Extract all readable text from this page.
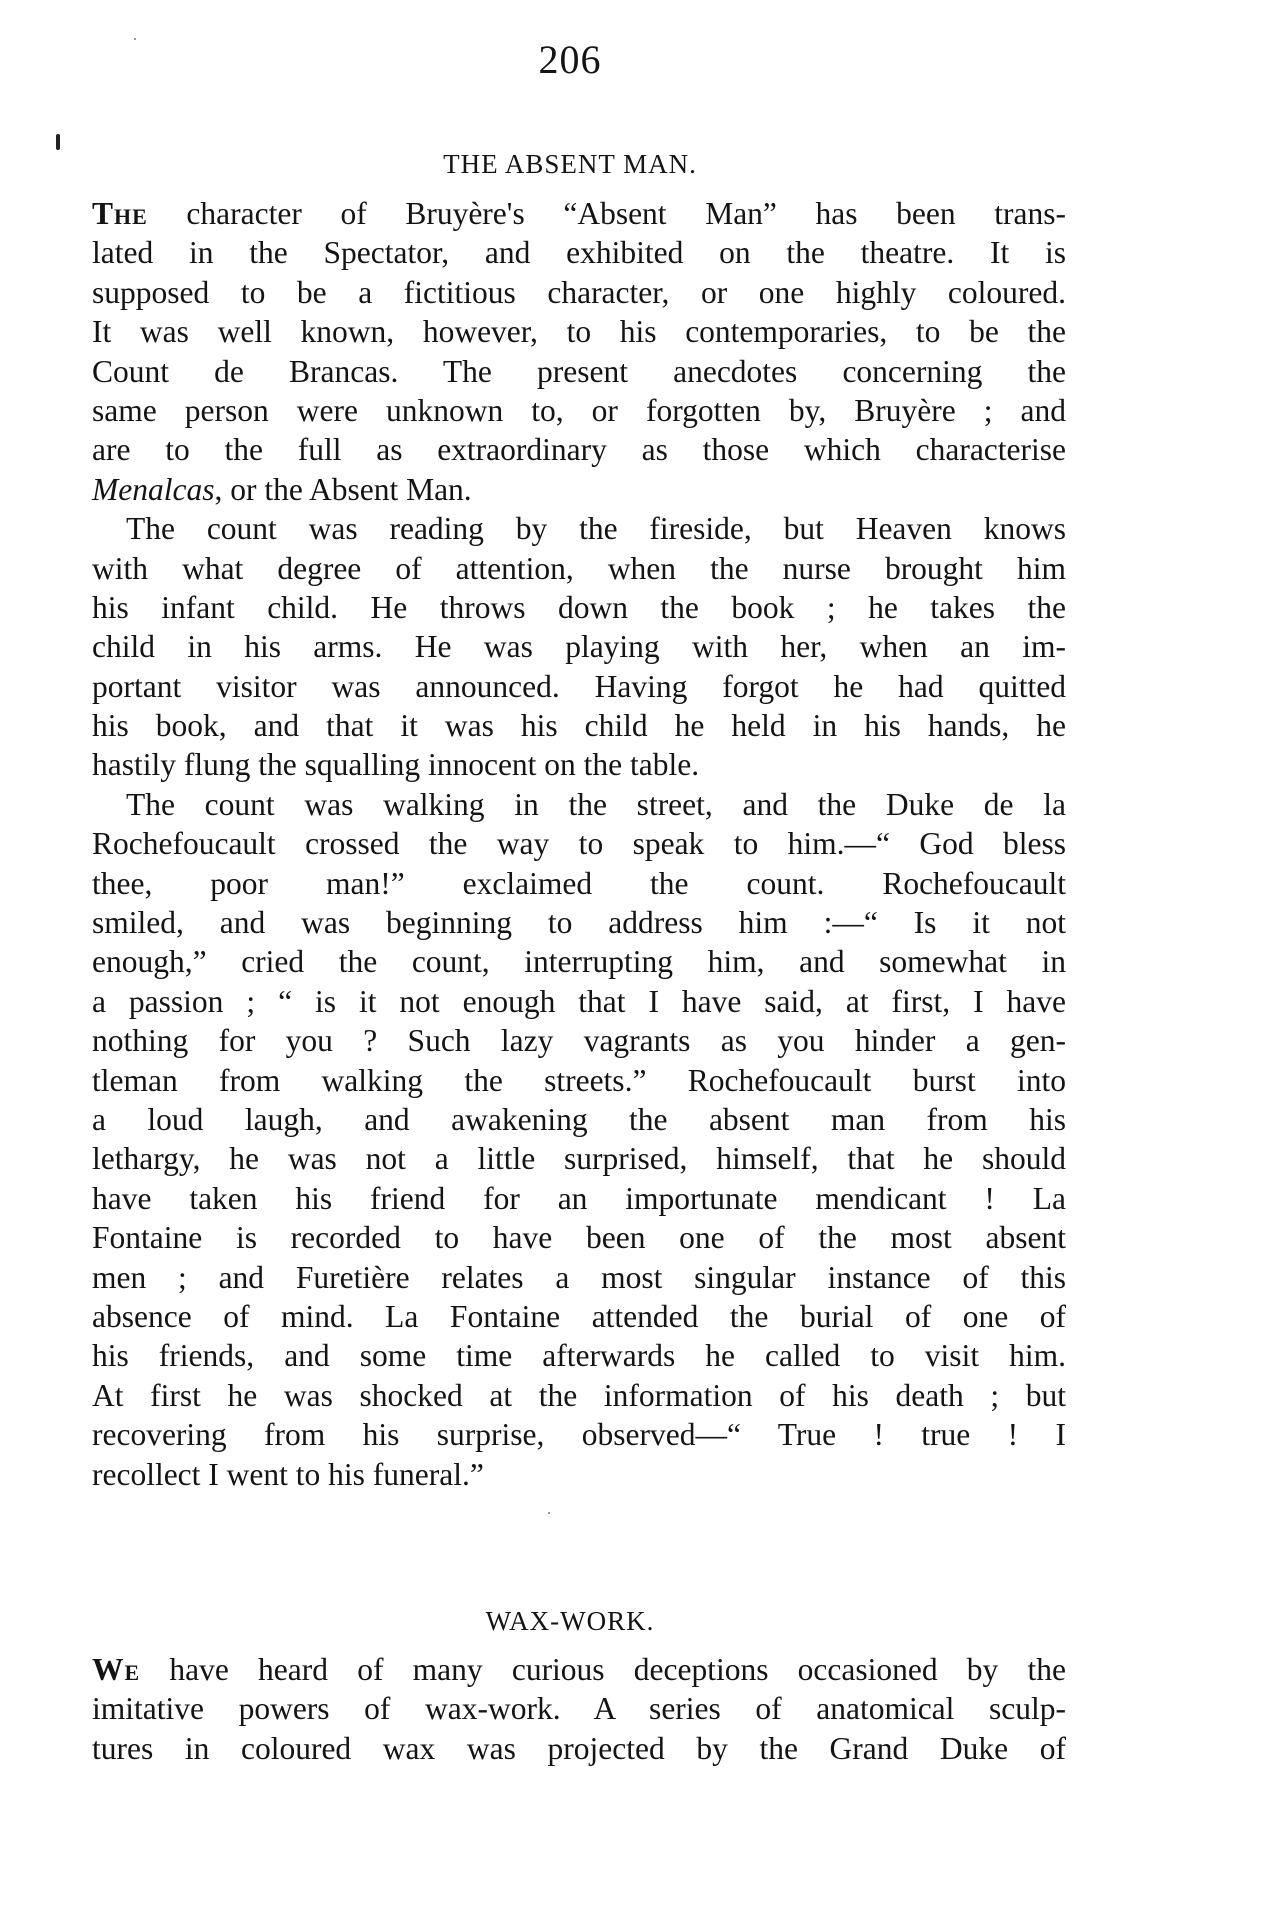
206
THE ABSENT MAN.
The character of Bruyère's “Absent Man” has been trans-
lated in the Spectator, and exhibited on the theatre. It is
supposed to be a fictitious character, or one highly coloured.
It was well known, however, to his contemporaries, to be the
Count de Brancas. The present anecdotes concerning the
same person were unknown to, or forgotten by, Bruyère ; and
are to the full as extraordinary as those which characterise
Menalcas, or the Absent Man.
The count was reading by the fireside, but Heaven knows
with what degree of attention, when the nurse brought him
his infant child. He throws down the book ; he takes the
child in his arms. He was playing with her, when an im-
portant visitor was announced. Having forgot he had quitted
his book, and that it was his child he held in his hands, he
hastily flung the squalling innocent on the table.
The count was walking in the street, and the Duke de la
Rochefoucault crossed the way to speak to him.—“ God bless
thee, poor man!” exclaimed the count. Rochefoucault
smiled, and was beginning to address him :—“ Is it not
enough,” cried the count, interrupting him, and somewhat in
a passion ; “ is it not enough that I have said, at first, I have
nothing for you ? Such lazy vagrants as you hinder a gen-
tleman from walking the streets.” Rochefoucault burst into
a loud laugh, and awakening the absent man from his
lethargy, he was not a little surprised, himself, that he should
have taken his friend for an importunate mendicant ! La
Fontaine is recorded to have been one of the most absent
men ; and Furetière relates a most singular instance of this
absence of mind. La Fontaine attended the burial of one of
his friends, and some time afterwards he called to visit him.
At first he was shocked at the information of his death ; but
recovering from his surprise, observed—“ True ! true ! I
recollect I went to his funeral.”
WAX-WORK.
We have heard of many curious deceptions occasioned by the
imitative powers of wax-work. A series of anatomical sculp-
tures in coloured wax was projected by the Grand Duke of
